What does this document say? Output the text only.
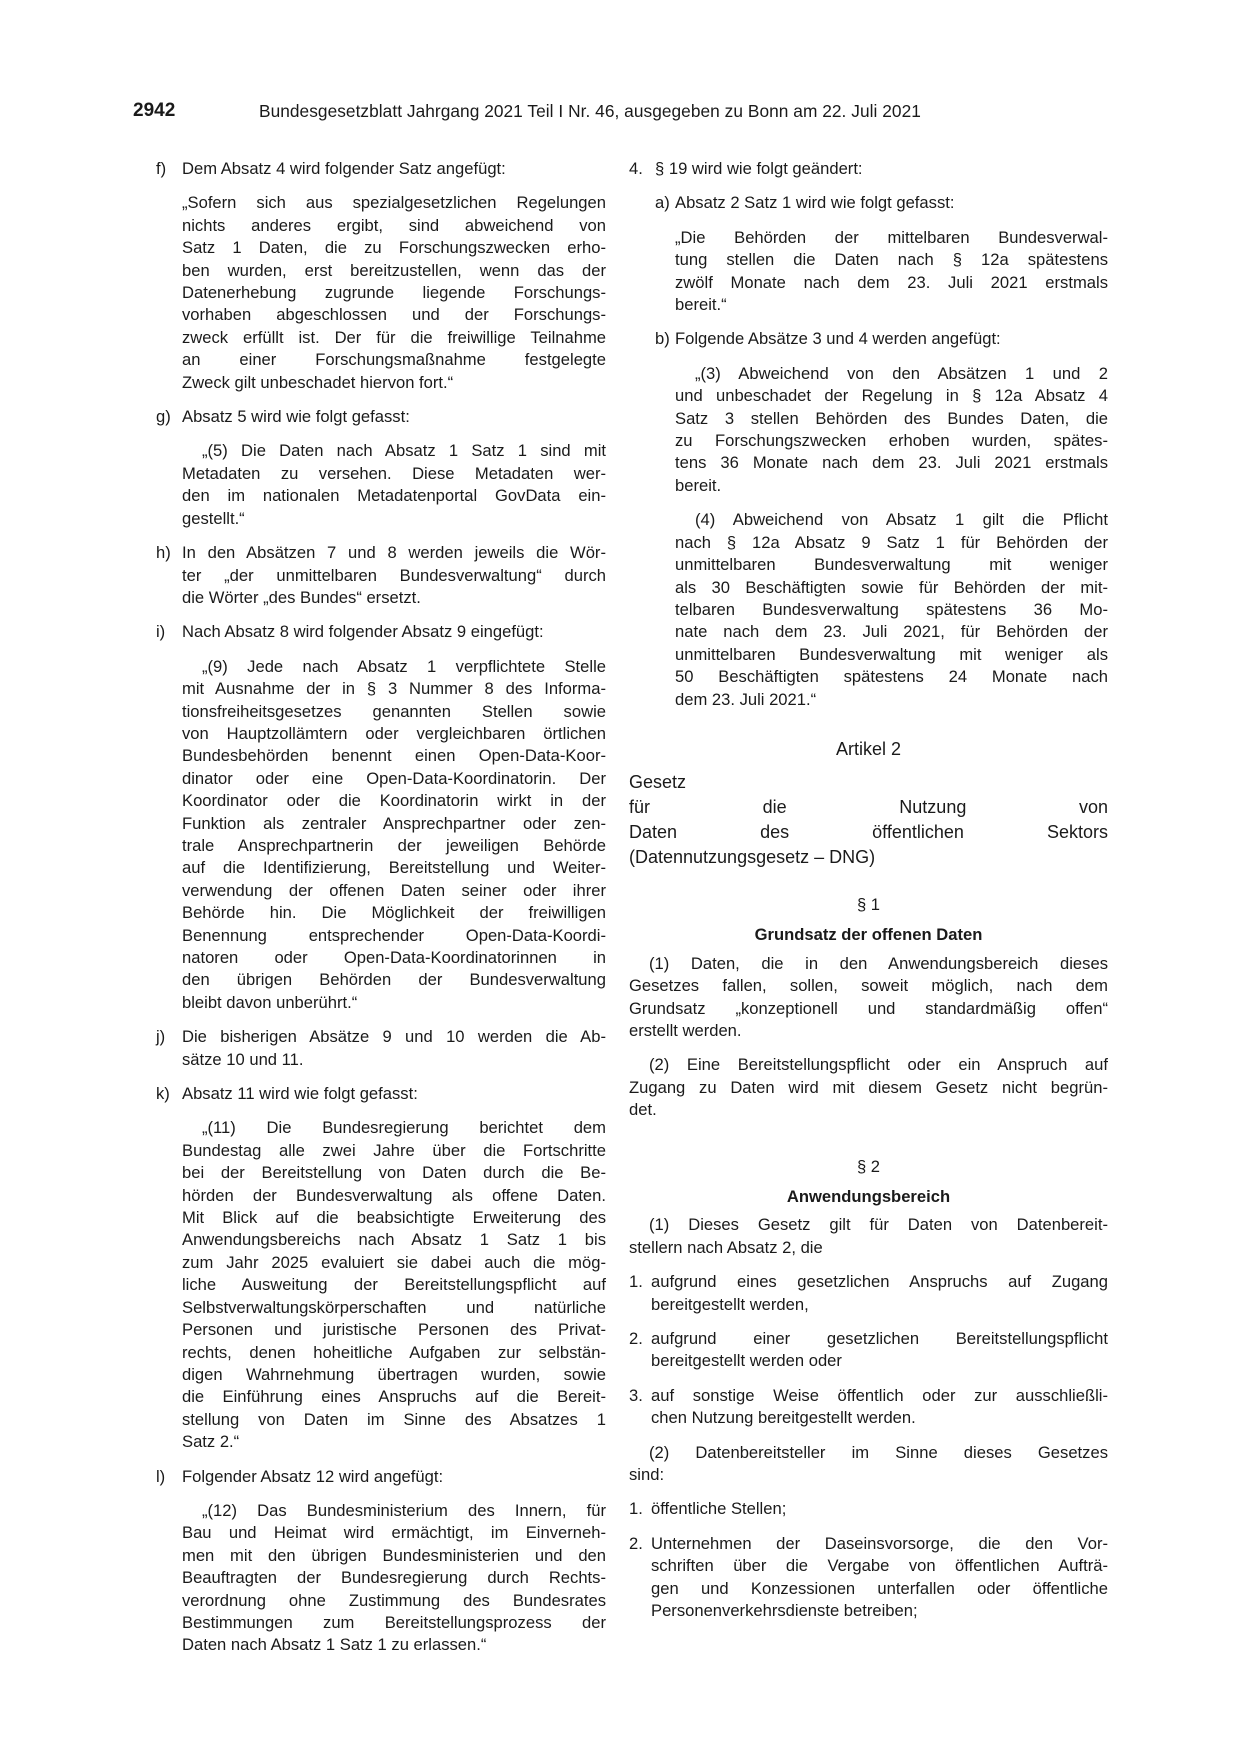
2942	Bundesgesetzblatt Jahrgang 2021 Teil I Nr. 46, ausgegeben zu Bonn am 22. Juli 2021
f) Dem Absatz 4 wird folgender Satz angefügt:
„Sofern sich aus spezialgesetzlichen Regelungen
nichts anderes ergibt, sind abweichend von
Satz 1 Daten, die zu Forschungszwecken erho-
ben wurden, erst bereitzustellen, wenn das der
Datenerhebung zugrunde liegende Forschungs-
vorhaben abgeschlossen und der Forschungs-
zweck erfüllt ist. Der für die freiwillige Teilnahme
an einer Forschungsmaßnahme festgelegte
Zweck gilt unbeschadet hiervon fort.“
g) Absatz 5 wird wie folgt gefasst:
„(5) Die Daten nach Absatz 1 Satz 1 sind mit
Metadaten zu versehen. Diese Metadaten wer-
den im nationalen Metadatenportal GovData ein-
gestellt.“
h) In den Absätzen 7 und 8 werden jeweils die Wör-
ter „der unmittelbaren Bundesverwaltung“ durch
die Wörter „des Bundes“ ersetzt.
i)	Nach Absatz 8 wird folgender Absatz 9 eingefügt:
„(9) Jede nach Absatz 1 verpflichtete Stelle
mit Ausnahme der in § 3 Nummer 8 des Informa-
tionsfreiheitsgesetzes genannten Stellen sowie
von Hauptzollämtern oder vergleichbaren örtlichen
Bundesbehörden benennt einen Open-Data-Koor-
dinator oder eine Open-Data-Koordinatorin. Der
Koordinator oder die Koordinatorin wirkt in der
Funktion als zentraler Ansprechpartner oder zen-
trale Ansprechpartnerin der jeweiligen Behörde
auf die Identifizierung, Bereitstellung und Weiter-
verwendung der offenen Daten seiner oder ihrer
Behörde hin. Die Möglichkeit der freiwilligen
Benennung entsprechender Open-Data-Koordi-
natoren oder Open-Data-Koordinatorinnen in
den übrigen Behörden der Bundesverwaltung
bleibt davon unberührt.“
j)	Die bisherigen Absätze 9 und 10 werden die Ab-
sätze 10 und 11.
k) Absatz 11 wird wie folgt gefasst:
„(11) Die Bundesregierung berichtet dem
Bundestag alle zwei Jahre über die Fortschritte
bei der Bereitstellung von Daten durch die Be-
hörden der Bundesverwaltung als offene Daten.
Mit Blick auf die beabsichtigte Erweiterung des
Anwendungsbereichs nach Absatz 1 Satz 1 bis
zum Jahr 2025 evaluiert sie dabei auch die mög-
liche Ausweitung der Bereitstellungspflicht auf
Selbstverwaltungskörperschaften und natürliche
Personen und juristische Personen des Privat-
rechts, denen hoheitliche Aufgaben zur selbstän-
digen Wahrnehmung übertragen wurden, sowie
die Einführung eines Anspruchs auf die Bereit-
stellung von Daten im Sinne des Absatzes 1
Satz 2.“
l)	Folgender Absatz 12 wird angefügt:
„(12) Das Bundesministerium des Innern, für
Bau und Heimat wird ermächtigt, im Einverneh-
men mit den übrigen Bundesministerien und den
Beauftragten der Bundesregierung durch Rechts-
verordnung ohne Zustimmung des Bundesrates
Bestimmungen zum Bereitstellungsprozess der
Daten nach Absatz 1 Satz 1 zu erlassen.“
4. § 19 wird wie folgt geändert:
a) Absatz 2 Satz 1 wird wie folgt gefasst:
„Die Behörden der mittelbaren Bundesverwal-
tung stellen die Daten nach § 12a spätestens
zwölf Monate nach dem 23. Juli 2021 erstmals
bereit.“
b) Folgende Absätze 3 und 4 werden angefügt:
„(3) Abweichend von den Absätzen 1 und 2
und unbeschadet der Regelung in § 12a Absatz 4
Satz 3 stellen Behörden des Bundes Daten, die
zu Forschungszwecken erhoben wurden, spätes-
tens 36 Monate nach dem 23. Juli 2021 erstmals
bereit.
(4) Abweichend von Absatz 1 gilt die Pflicht
nach § 12a Absatz 9 Satz 1 für Behörden der
unmittelbaren Bundesverwaltung mit weniger
als 30 Beschäftigten sowie für Behörden der mit-
telbaren Bundesverwaltung spätestens 36 Mo-
nate nach dem 23. Juli 2021, für Behörden der
unmittelbaren Bundesverwaltung mit weniger als
50 Beschäftigten spätestens 24 Monate nach
dem 23. Juli 2021.“
Artikel 2
Gesetz
für die Nutzung von
Daten des öffentlichen Sektors
(Datennutzungsgesetz – DNG)
§ 1
Grundsatz der offenen Daten
(1) Daten, die in den Anwendungsbereich dieses
Gesetzes fallen, sollen, soweit möglich, nach dem
Grundsatz „konzeptionell und standardmäßig offen“
erstellt werden.
(2) Eine Bereitstellungspflicht oder ein Anspruch auf
Zugang zu Daten wird mit diesem Gesetz nicht begrün-
det.
§ 2
Anwendungsbereich
(1) Dieses Gesetz gilt für Daten von Datenbereit-
stellern nach Absatz 2, die
1. aufgrund eines gesetzlichen Anspruchs auf Zugang
bereitgestellt werden,
2. aufgrund einer gesetzlichen Bereitstellungspflicht
bereitgestellt werden oder
3. auf sonstige Weise öffentlich oder zur ausschließli-
chen Nutzung bereitgestellt werden.
(2) Datenbereitsteller im Sinne dieses Gesetzes
sind:
1. öffentliche Stellen;
2. Unternehmen der Daseinsvorsorge, die den Vor-
schriften über die Vergabe von öffentlichen Aufträ-
gen und Konzessionen unterfallen oder öffentliche
Personenverkehrsdienste betreiben;
